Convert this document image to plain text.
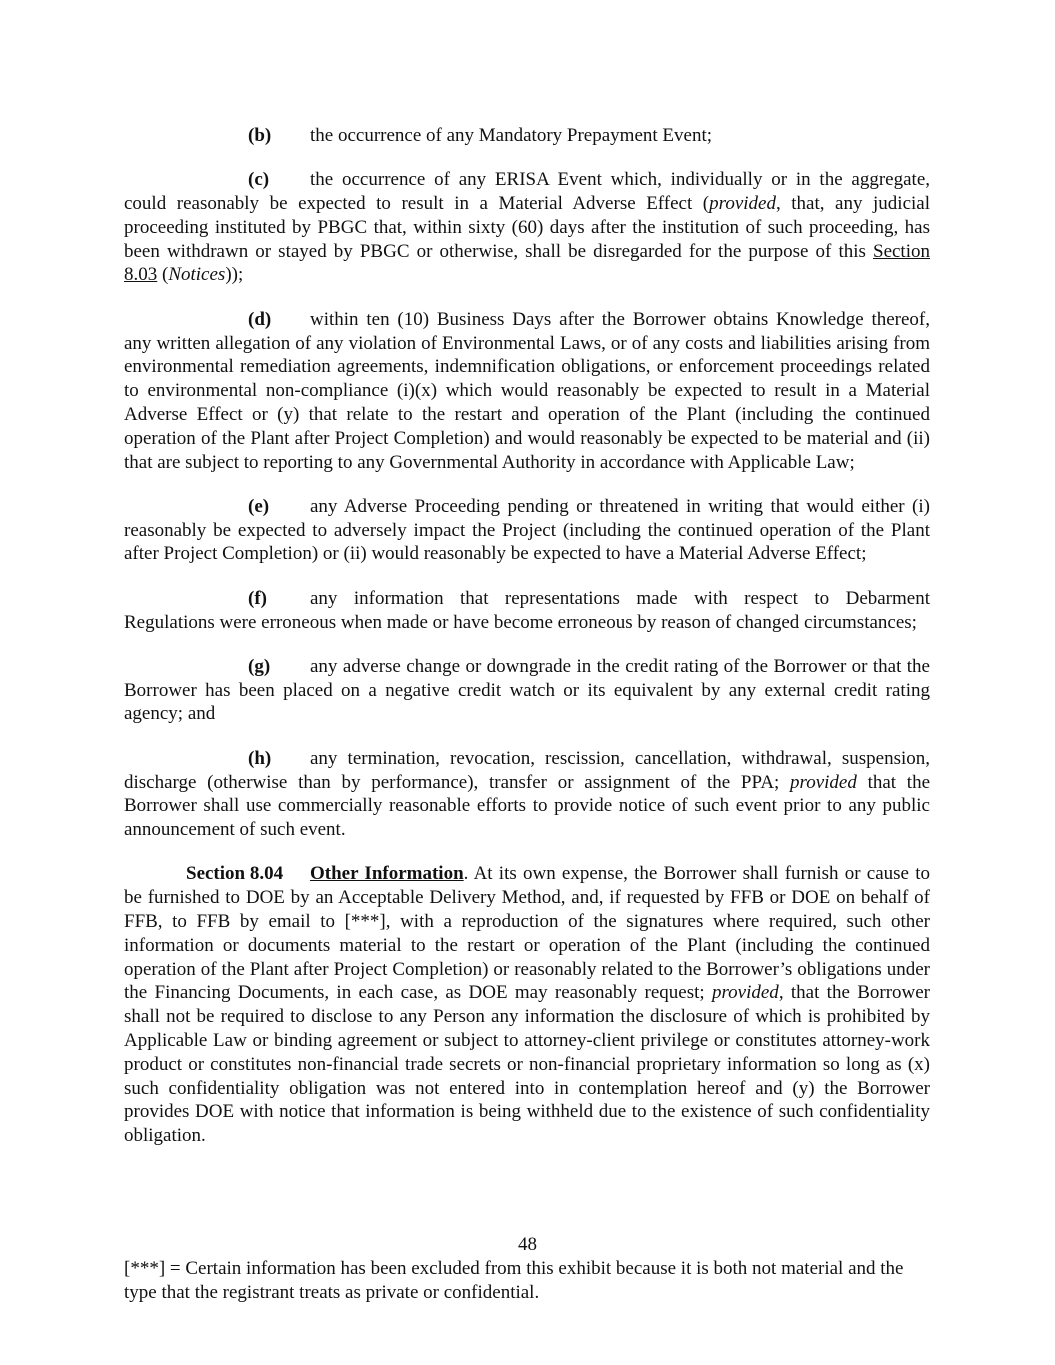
(b) the occurrence of any Mandatory Prepayment Event;

(c) the occurrence of any ERISA Event which, individually or in the aggregate, could reasonably be expected to result in a Material Adverse Effect (provided, that, any judicial proceeding instituted by PBGC that, within sixty (60) days after the institution of such proceeding, has been withdrawn or stayed by PBGC or otherwise, shall be disregarded for the purpose of this Section 8.03 (Notices));

(d) within ten (10) Business Days after the Borrower obtains Knowledge thereof, any written allegation of any violation of Environmental Laws, or of any costs and liabilities arising from environmental remediation agreements, indemnification obligations, or enforcement proceedings related to environmental non-compliance (i)(x) which would reasonably be expected to result in a Material Adverse Effect or (y) that relate to the restart and operation of the Plant (including the continued operation of the Plant after Project Completion) and would reasonably be expected to be material and (ii) that are subject to reporting to any Governmental Authority in accordance with Applicable Law;

(e) any Adverse Proceeding pending or threatened in writing that would either (i) reasonably be expected to adversely impact the Project (including the continued operation of the Plant after Project Completion) or (ii) would reasonably be expected to have a Material Adverse Effect;

(f) any information that representations made with respect to Debarment Regulations were erroneous when made or have become erroneous by reason of changed circumstances;

(g) any adverse change or downgrade in the credit rating of the Borrower or that the Borrower has been placed on a negative credit watch or its equivalent by any external credit rating agency; and

(h) any termination, revocation, rescission, cancellation, withdrawal, suspension, discharge (otherwise than by performance), transfer or assignment of the PPA; provided that the Borrower shall use commercially reasonable efforts to provide notice of such event prior to any public announcement of such event.

Section 8.04 Other Information. At its own expense, the Borrower shall furnish or cause to be furnished to DOE by an Acceptable Delivery Method, and, if requested by FFB or DOE on behalf of FFB, to FFB by email to [***], with a reproduction of the signatures where required, such other information or documents material to the restart or operation of the Plant (including the continued operation of the Plant after Project Completion) or reasonably related to the Borrower’s obligations under the Financing Documents, in each case, as DOE may reasonably request; provided, that the Borrower shall not be required to disclose to any Person any information the disclosure of which is prohibited by Applicable Law or binding agreement or subject to attorney-client privilege or constitutes attorney-work product or constitutes non-financial trade secrets or non-financial proprietary information so long as (x) such confidentiality obligation was not entered into in contemplation hereof and (y) the Borrower provides DOE with notice that information is being withheld due to the existence of such confidentiality obligation.

48
[***] = Certain information has been excluded from this exhibit because it is both not material and the type that the registrant treats as private or confidential.
